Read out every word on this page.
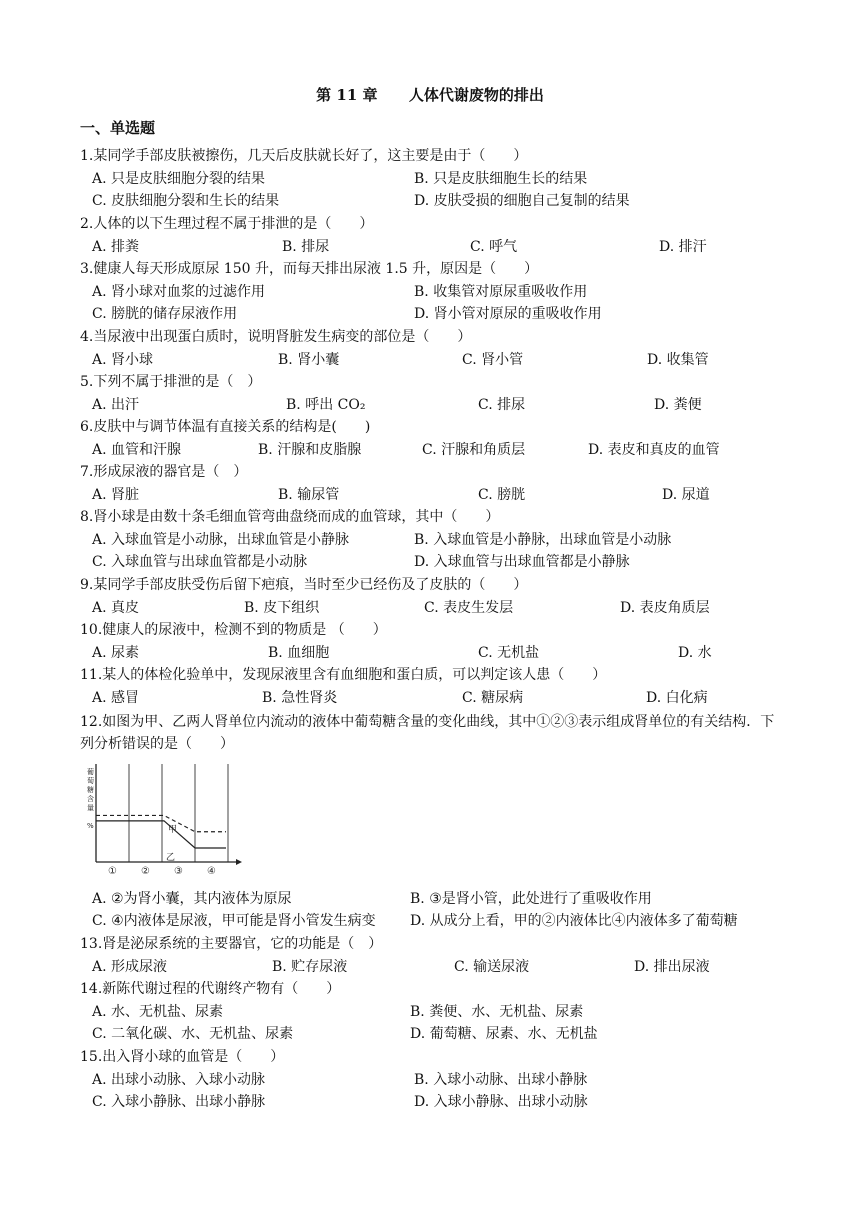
第 11 章      人体代谢废物的排出
一、单选题
1.某同学手部皮肤被擦伤，几天后皮肤就长好了，这主要是由于（　　）
A. 只是皮肤细胞分裂的结果	B. 只是皮肤细胞生长的结果
C. 皮肤细胞分裂和生长的结果	D. 皮肤受损的细胞自己复制的结果
2.人体的以下生理过程不属于排泄的是（　　）
A. 排粪	B. 排尿	C. 呼气	D. 排汗
3.健康人每天形成原尿 150 升，而每天排出尿液 1.5 升，原因是（　　）
A. 肾小球对血浆的过滤作用	B. 收集管对原尿重吸收作用
C. 膀胱的储存尿液作用	D. 肾小管对原尿的重吸收作用
4.当尿液中出现蛋白质时，说明肾脏发生病变的部位是（　　）
A. 肾小球	B. 肾小囊	C. 肾小管	D. 收集管
5.下列不属于排泄的是（　）
A. 出汗	B. 呼出 CO₂	C. 排尿	D. 粪便
6.皮肤中与调节体温有直接关系的结构是(　　)
A. 血管和汗腺	B. 汗腺和皮脂腺	C. 汗腺和角质层	D. 表皮和真皮的血管
7.形成尿液的器官是（　）
A. 肾脏	B. 输尿管	C. 膀胱	D. 尿道
8.肾小球是由数十条毛细血管弯曲盘绕而成的血管球，其中（　　）
A. 入球血管是小动脉，出球血管是小静脉	B. 入球血管是小静脉，出球血管是小动脉
C. 入球血管与出球血管都是小动脉	D. 入球血管与出球血管都是小静脉
9.某同学手部皮肤受伤后留下疤痕，当时至少已经伤及了皮肤的（　　）
A. 真皮	B. 皮下组织	C. 表皮生发层	D. 表皮角质层
10.健康人的尿液中，检测不到的物质是 （　　）
A. 尿素	B. 血细胞	C. 无机盐	D. 水
11.某人的体检化验单中，发现尿液里含有血细胞和蛋白质，可以判定该人患（　　）
A. 感冒	B. 急性肾炎	C. 糖尿病	D. 白化病
12.如图为甲、乙两人肾单位内流动的液体中葡萄糖含量的变化曲线，其中①②③表示组成肾单位的有关结构．下列分析错误的是（　　）
葡
萄
糖
含
量
%	甲
乙
① ② ③ ④
A. ②为肾小囊，其内液体为原尿	B. ③是肾小管，此处进行了重吸收作用
C. ④内液体是尿液，甲可能是肾小管发生病变 D. 从成分上看，甲的②内液体比④内液体多了葡萄糖
13.肾是泌尿系统的主要器官，它的功能是（　）
A. 形成尿液	B. 贮存尿液	C. 输送尿液	D. 排出尿液
14.新陈代谢过程的代谢终产物有（　　）
A. 水、无机盐、尿素	B. 粪便、水、无机盐、尿素
C. 二氧化碳、水、无机盐、尿素	D. 葡萄糖、尿素、水、无机盐
15.出入肾小球的血管是（　　）
A. 出球小动脉、入球小动脉	B. 入球小动脉、出球小静脉
C. 入球小静脉、出球小静脉	D. 入球小静脉、出球小动脉
